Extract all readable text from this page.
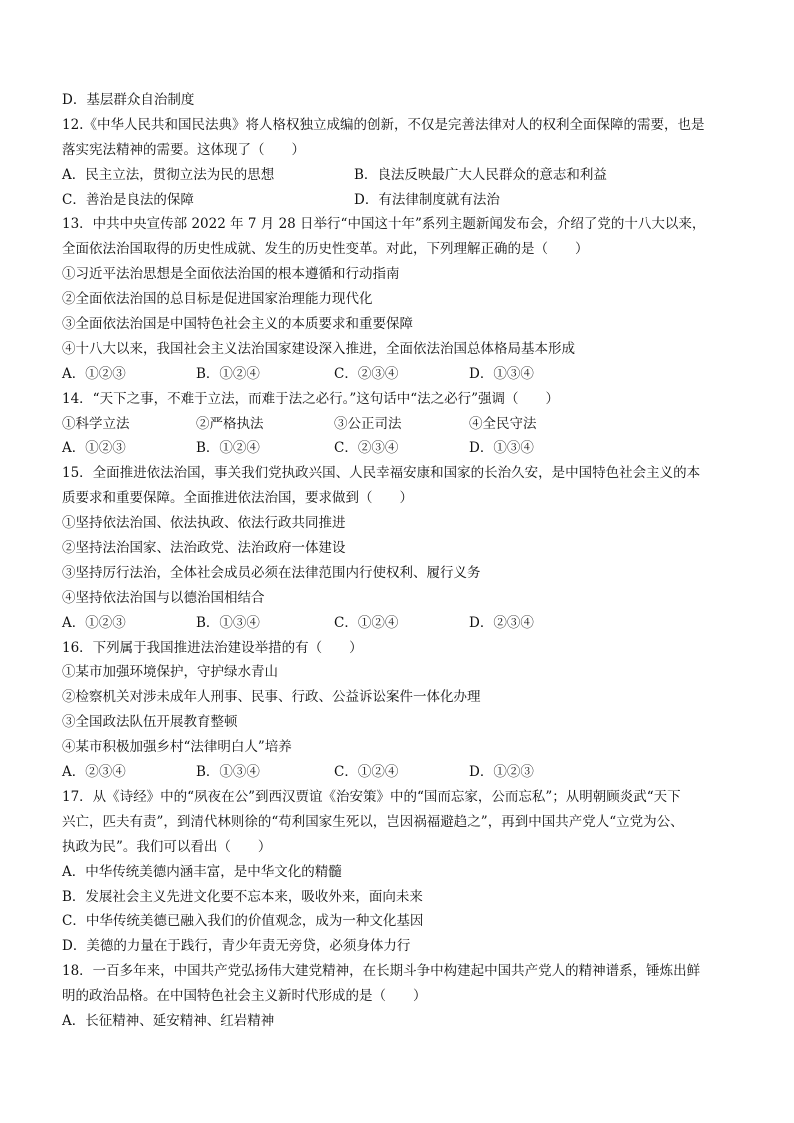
D．基层群众自治制度
12.《中华人民共和国民法典》将人格权独立成编的创新，不仅是完善法律对人的权利全面保障的需要，也是
落实宪法精神的需要。这体现了（　　）
A．民主立法，贯彻立法为民的思想	B．良法反映最广大人民群众的意志和利益
C．善治是良法的保障	D．有法律制度就有法治
13．中共中央宣传部 2022 年 7 月 28 日举行“中国这十年”系列主题新闻发布会，介绍了党的十八大以来，
全面依法治国取得的历史性成就、发生的历史性变革。对此，下列理解正确的是（　　）
①习近平法治思想是全面依法治国的根本遵循和行动指南
②全面依法治国的总目标是促进国家治理能力现代化
③全面依法治国是中国特色社会主义的本质要求和重要保障
④十八大以来，我国社会主义法治国家建设深入推进，全面依法治国总体格局基本形成
A．①②③	B．①②④	C．②③④	D．①③④
14．“天下之事，不难于立法，而难于法之必行。”这句话中“法之必行”强调（　　）
①科学立法	②严格执法	③公正司法	④全民守法
A．①②③	B．①②④	C．②③④	D．①③④
15．全面推进依法治国，事关我们党执政兴国、人民幸福安康和国家的长治久安，是中国特色社会主义的本
质要求和重要保障。全面推进依法治国，要求做到（　　）
①坚持依法治国、依法执政、依法行政共同推进
②坚持法治国家、法治政党、法治政府一体建设
③坚持厉行法治，全体社会成员必须在法律范围内行使权利、履行义务
④坚持依法治国与以德治国相结合
A．①②③	B．①③④	C．①②④	D．②③④
16．下列属于我国推进法治建设举措的有（　　）
①某市加强环境保护，守护绿水青山
②检察机关对涉未成年人刑事、民事、行政、公益诉讼案件一体化办理
③全国政法队伍开展教育整顿
④某市积极加强乡村“法律明白人”培养
A．②③④	B．①③④	C．①②④	D．①②③
17．从《诗经》中的“夙夜在公”到西汉贾谊《治安策》中的“国而忘家，公而忘私”；从明朝顾炎武“天下
兴亡，匹夫有责”，到清代林则徐的“苟利国家生死以，岂因祸福避趋之”，再到中国共产党人“立党为公、
执政为民”。我们可以看出（　　）
A．中华传统美德内涵丰富，是中华文化的精髓
B．发展社会主义先进文化要不忘本来，吸收外来，面向未来
C．中华传统美德已融入我们的价值观念，成为一种文化基因
D．美德的力量在于践行，青少年责无旁贷，必须身体力行
18．一百多年来，中国共产党弘扬伟大建党精神，在长期斗争中构建起中国共产党人的精神谱系，锤炼出鲜
明的政治品格。在中国特色社会主义新时代形成的是（　　）
A．长征精神、延安精神、红岩精神
